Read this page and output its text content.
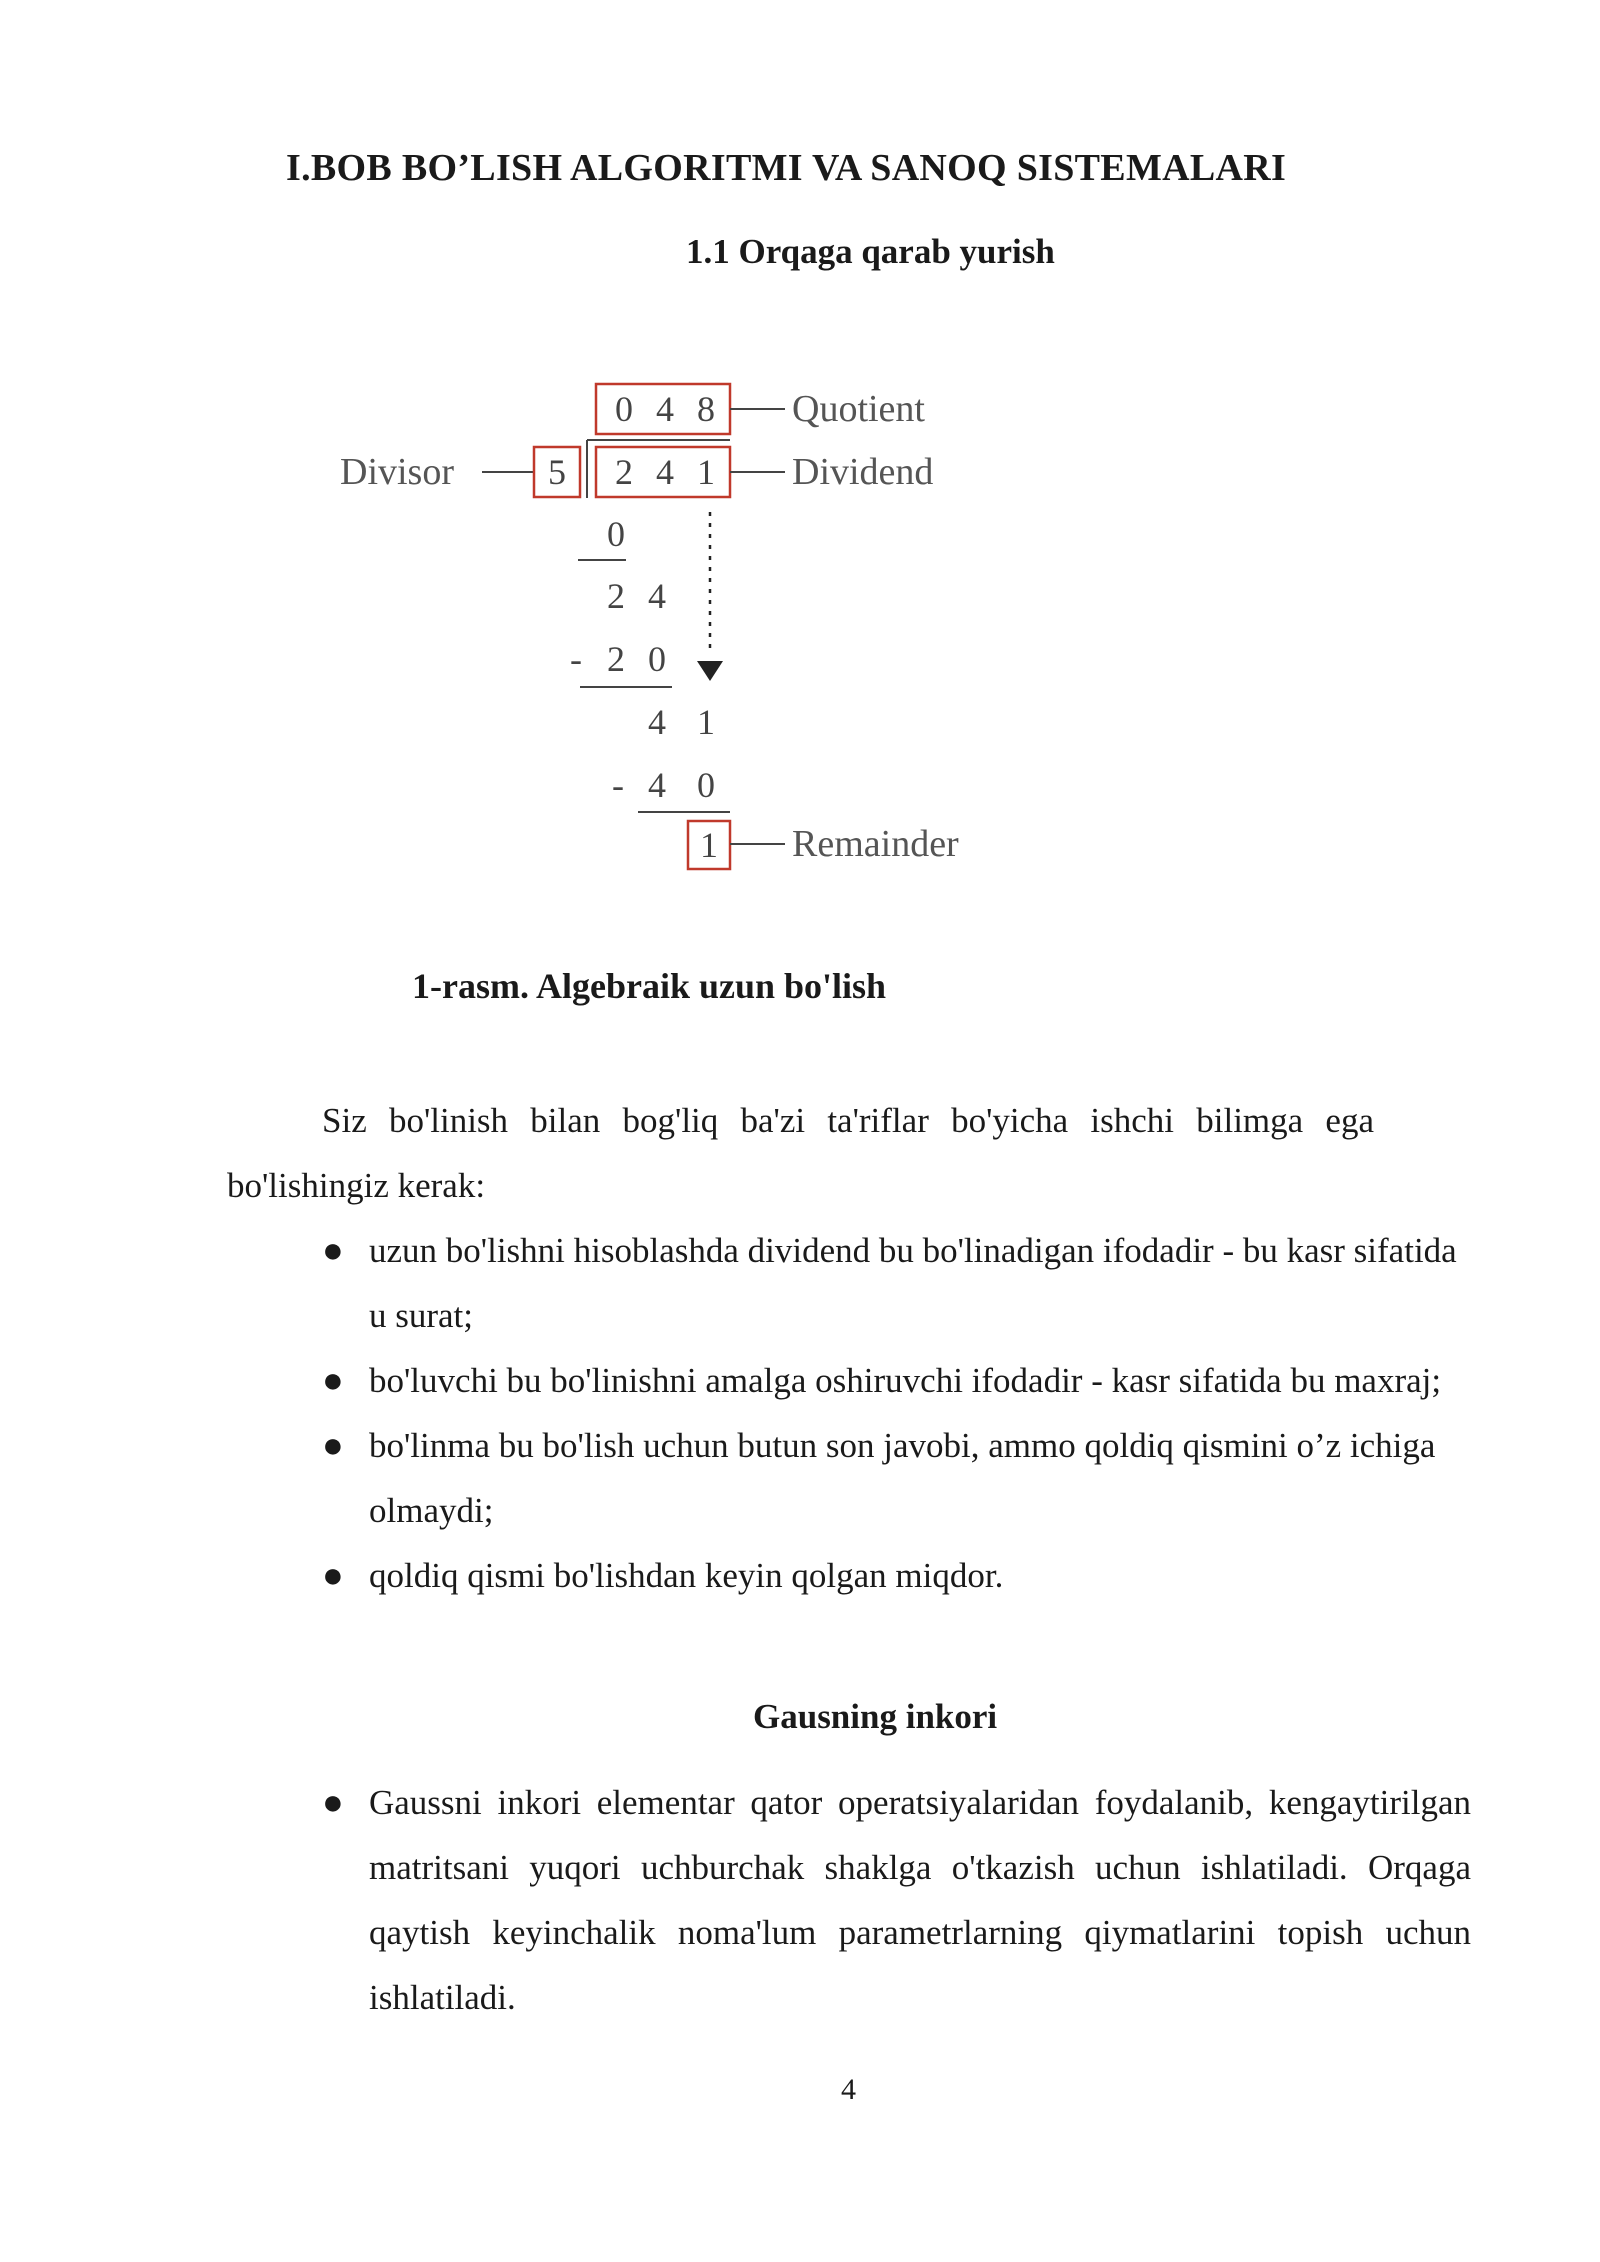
I.BOB BO’LISH ALGORITMI VA SANOQ SISTEMALARI
1.1 Orqaga qarab yurish
0 4 8 Quotient
Divisor	5 2 4 1 Dividend
0
2 4
- 2 0
4 1
- 4 0
1 Remainder
1-rasm. Algebraik uzun bo'lish
Siz bo'linish bilan bog'liq ba'zi ta'riflar bo'yicha ishchi bilimga ega bo'lishingiz kerak:
● uzun bo'lishni hisoblashda dividend bu bo'linadigan ifodadir - bu kasr sifatida u surat;
● bo'luvchi bu bo'linishni amalga oshiruvchi ifodadir - kasr sifatida bu maxraj;
● bo'linma bu bo'lish uchun butun son javobi, ammo qoldiq qismini o’z ichiga olmaydi;
● qoldiq qismi bo'lishdan keyin qolgan miqdor.
Gausning inkori
● Gaussni inkori elementar qator operatsiyalaridan foydalanib, kengaytirilgan matritsani yuqori uchburchak shaklga o'tkazish uchun ishlatiladi. Orqaga qaytish keyinchalik noma'lum parametrlarning qiymatlarini topish uchun ishlatiladi.
4
